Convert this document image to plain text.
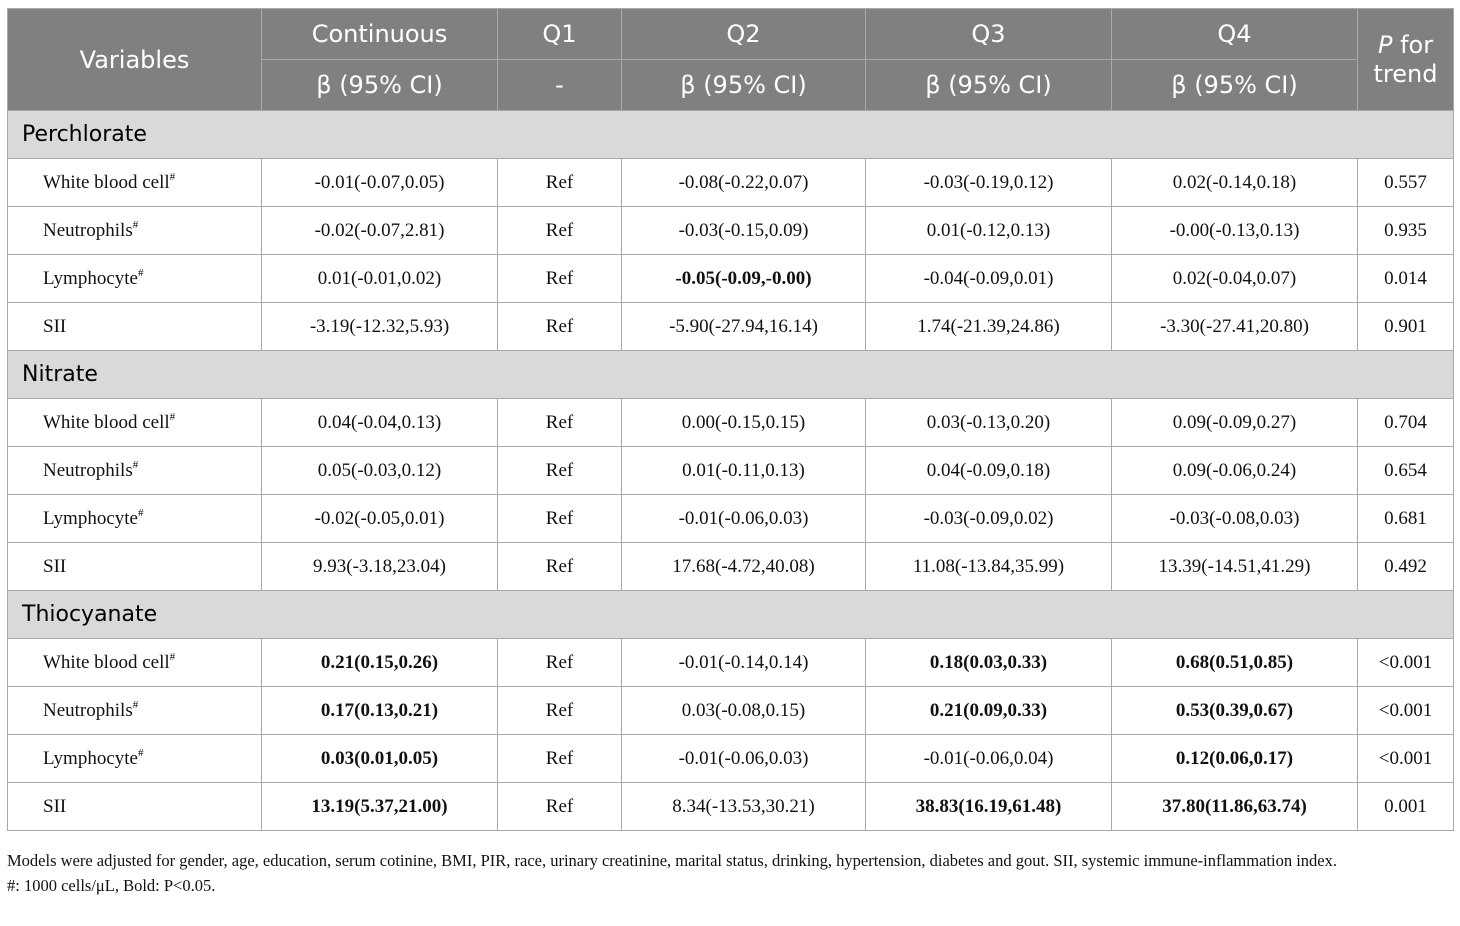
Variables	Continuous	Q1	Q2	Q3	Q4	P for
trend
	β (95% CI)	-	β (95% CI)	β (95% CI)	β (95% CI)	
Perchlorate						
White blood cell#	-0.01(-0.07,0.05)	Ref	-0.08(-0.22,0.07)	-0.03(-0.19,0.12)	0.02(-0.14,0.18)	0.557
Neutrophils#	-0.02(-0.07,2.81)	Ref	-0.03(-0.15,0.09)	0.01(-0.12,0.13)	-0.00(-0.13,0.13)	0.935
Lymphocyte#	0.01(-0.01,0.02)	Ref	-0.05(-0.09,-0.00)	-0.04(-0.09,0.01)	0.02(-0.04,0.07)	0.014
SII	-3.19(-12.32,5.93)	Ref	-5.90(-27.94,16.14)	1.74(-21.39,24.86)	-3.30(-27.41,20.80)	0.901
Nitrate						
White blood cell#	0.04(-0.04,0.13)	Ref	0.00(-0.15,0.15)	0.03(-0.13,0.20)	0.09(-0.09,0.27)	0.704
Neutrophils#	0.05(-0.03,0.12)	Ref	0.01(-0.11,0.13)	0.04(-0.09,0.18)	0.09(-0.06,0.24)	0.654
Lymphocyte#	-0.02(-0.05,0.01)	Ref	-0.01(-0.06,0.03)	-0.03(-0.09,0.02)	-0.03(-0.08,0.03)	0.681
SII	9.93(-3.18,23.04)	Ref	17.68(-4.72,40.08)	11.08(-13.84,35.99)	13.39(-14.51,41.29)	0.492
Thiocyanate						
White blood cell#	0.21(0.15,0.26)	Ref	-0.01(-0.14,0.14)	0.18(0.03,0.33)	0.68(0.51,0.85)	<0.001
Neutrophils#	0.17(0.13,0.21)	Ref	0.03(-0.08,0.15)	0.21(0.09,0.33)	0.53(0.39,0.67)	<0.001
Lymphocyte#	0.03(0.01,0.05)	Ref	-0.01(-0.06,0.03)	-0.01(-0.06,0.04)	0.12(0.06,0.17)	<0.001
SII	13.19(5.37,21.00)	Ref	8.34(-13.53,30.21)	38.83(16.19,61.48)	37.80(11.86,63.74)	0.001

Models were adjusted for gender, age, education, serum cotinine, BMI, PIR, race, urinary creatinine, marital status, drinking, hypertension, diabetes and gout. SII, systemic immune-inflammation index.

#: 1000 cells/μL, Bold: P<0.05.
